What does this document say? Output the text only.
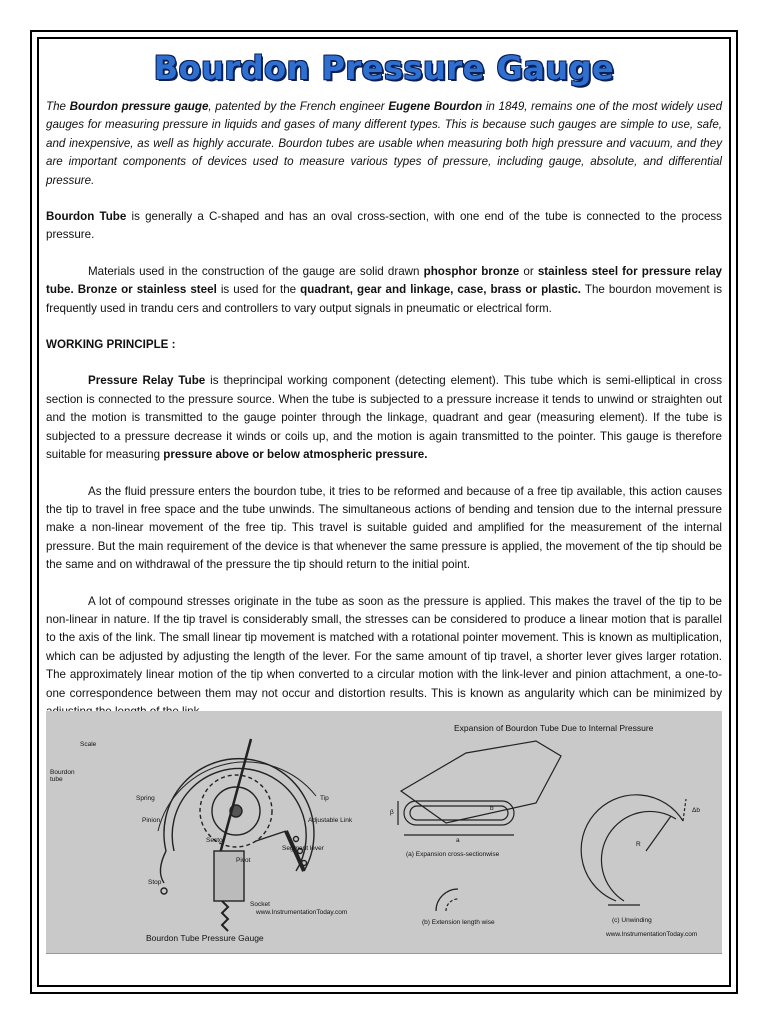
Bourdon Pressure Gauge

The Bourdon pressure gauge, patented by the French engineer Eugene Bourdon in 1849, remains one of the most widely used gauges for measuring pressure in liquids and gases of many different types. This is because such gauges are simple to use, safe, and inexpensive, as well as highly accurate. Bourdon tubes are usable when measuring both high pressure and vacuum, and they are important components of devices used to measure various types of pressure, including gauge, absolute, and differential pressure.

Bourdon Tube is generally a C-shaped and has an oval cross-section, with one end of the tube is connected to the process pressure.

Materials used in the construction of the gauge are solid drawn phosphor bronze or stainless steel for pressure relay tube. Bronze or stainless steel is used for the quadrant, gear and linkage, case, brass or plastic. The bourdon movement is frequently used in trandu cers and controllers to vary output signals in pneumatic or electrical form.

WORKING PRINCIPLE :

Pressure Relay Tube is theprincipal working component (detecting element). This tube which is semi-elliptical in cross section is connected to the pressure source. When the tube is subjected to a pressure increase it tends to unwind or straighten out and the motion is transmitted to the gauge pointer through the linkage, quadrant and gear (measuring element). If the tube is subjected to a pressure decrease it winds or coils up, and the motion is again transmitted to the pointer. This gauge is therefore suitable for measuring pressure above or below atmospheric pressure.

As the fluid pressure enters the bourdon tube, it tries to be reformed and because of a free tip available, this action causes the tip to travel in free space and the tube unwinds. The simultaneous actions of bending and tension due to the internal pressure make a non-linear movement of the free tip. This travel is suitable guided and amplified for the measurement of the internal pressure. But the main requirement of the device is that whenever the same pressure is applied, the movement of the tip should be the same and on withdrawal of the pressure the tip should return to the initial point.

A lot of compound stresses originate in the tube as soon as the pressure is applied. This makes the travel of the tip to be non-linear in nature. If the tip travel is considerably small, the stresses can be considered to produce a linear motion that is parallel to the axis of the link. The small linear tip movement is matched with a rotational pointer movement. This is known as multiplication, which can be adjusted by adjusting the length of the lever. For the same amount of tip travel, a shorter lever gives larger rotation. The approximately linear motion of the tip when converted to a circular motion with the link-lever and pinion attachment, a one-to-one correspondence between them may not occur and distortion results. This is known as angularity which can be minimized by

Scale
Bourdon
tube
Spring
Pinion
Sector
Pivot
Stop
Socket
Tip
Adjustable Link
Segment lever
www.InstrumentationToday.com
Bourdon Tube Pressure Gauge
Expansion of Bourdon Tube Due to Internal Pressure
β
a
b
(a) Expansion cross-sectionwise
(b) Extension length wise	(c) Unwinding
R
Δb
www.InstrumentationToday.com
